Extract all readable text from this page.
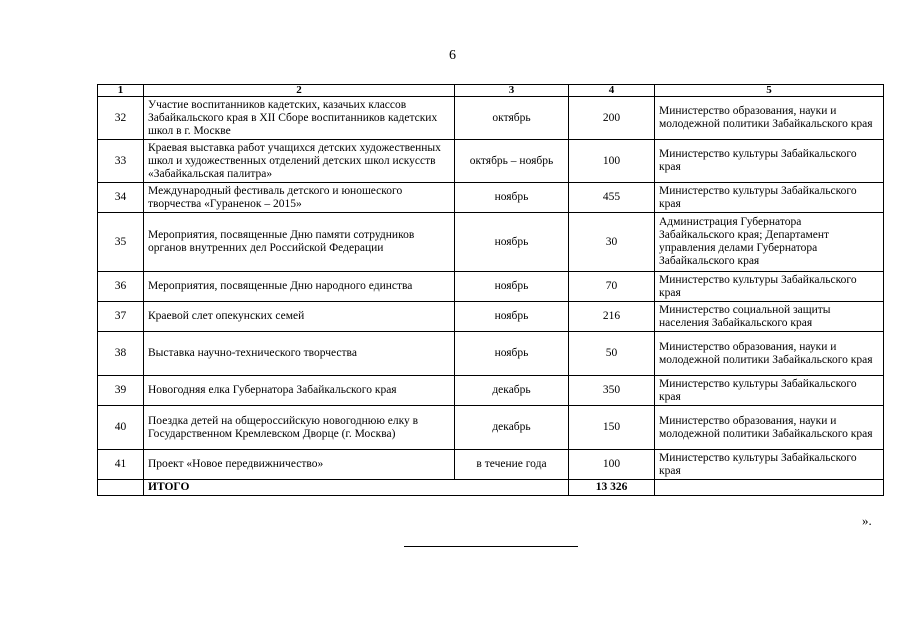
6
1	2	3	4	5
32	Участие воспитанников кадетских, казачьих классов Забайкальского края в XII Сборе воспитанников кадетских школ в г. Москве	октябрь	200	Министерство образования, науки и молодежной политики Забайкальского края
33	Краевая выставка работ учащихся детских художественных школ и художественных отделений детских школ искусств «Забайкальская палитра»	октябрь – ноябрь	100	Министерство культуры Забайкальского края
34	Международный фестиваль детского и юношеского творчества «Гураненок – 2015»	ноябрь	455	Министерство культуры Забайкальского края
35	Мероприятия, посвященные Дню памяти сотрудников органов внутренних дел Российской Федерации	ноябрь	30	Администрация Губернатора Забайкальского края; Департамент управления делами Губернатора Забайкальского края
36	Мероприятия, посвященные Дню народного единства	ноябрь	70	Министерство культуры Забайкальского края
37	Краевой слет опекунских семей	ноябрь	216	Министерство социальной защиты населения Забайкальского края
38	Выставка научно-технического творчества	ноябрь	50	Министерство образования, науки и молодежной политики Забайкальского края
39	Новогодняя елка Губернатора Забайкальского края	декабрь	350	Министерство культуры Забайкальского края
40	Поездка детей на общероссийскую новогоднюю елку в Государственном Кремлевском Дворце (г. Москва)	декабрь	150	Министерство образования, науки и молодежной политики Забайкальского края
41	Проект «Новое передвижничество»	в течение года	100	Министерство культуры Забайкальского края
	ИТОГО		13 326	
».
